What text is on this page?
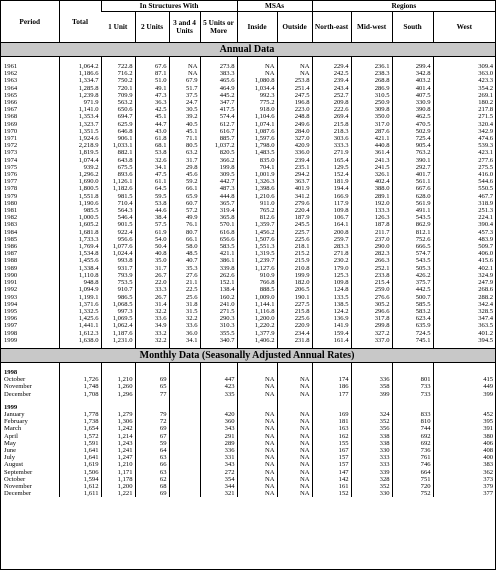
Period	Total	In Structures With				MSAs		Regions			
		1 Unit	2 Units	3 and 4 Units	5 Units or More	Inside	Outside	North-east	Mid-west	South	West
Annual Data											

1961	1,064.2	722.8	67.6	NA	273.8	NA	NA	229.4	236.1	299.4	309.4
1962	1,186.6	716.2	87.1	NA	383.3	NA	NA	242.5	238.3	342.8	363.0
1963	1,334.7	750.2	51.0	67.9	465.6	1,080.8	253.8	239.4	268.8	403.2	423.3
1964	1,285.8	720.1	49.1	51.7	464.9	1,034.4	251.4	243.4	286.9	401.4	354.2
1965	1,239.8	709.9	47.3	37.5	445.2	992.3	247.5	252.7	310.5	407.5	269.1
1966	971.9	563.2	36.3	24.7	347.7	775.2	196.8	209.8	250.9	330.9	180.2
1967	1,141.0	650.6	42.5	30.5	417.5	918.0	223.0	222.6	309.8	390.8	217.8
1968	1,353.4	694.7	45.1	39.2	574.4	1,104.6	248.8	269.4	350.0	462.5	271.5
1969	1,323.7	625.9	44.7	40.5	612.7	1,074.1	249.6	215.8	317.0	470.5	320.4
1970	1,351.5	646.8	43.0	45.1	616.7	1,087.6	284.0	218.3	287.6	502.9	342.9
1971	1,924.6	906.1	61.8	71.1	885.7	1,597.6	327.0	303.6	421.1	725.4	474.6
1972	2,218.9	1,033.1	68.1	80.5	1,037.2	1,798.0	420.9	333.3	440.8	905.4	539.3
1973	1,819.5	882.1	53.8	63.2	820.5	1,483.5	336.0	271.9	361.4	763.2	423.1
1974	1,074.4	643.8	32.6	31.7	366.2	835.0	239.4	165.4	241.3	390.1	277.6
1975	939.2	675.5	34.1	29.8	199.8	704.1	235.1	129.5	241.5	292.7	275.5
1976	1,296.2	893.6	47.5	45.6	309.5	1,001.9	294.2	152.4	326.1	401.7	416.0
1977	1,690.0	1,126.1	61.1	59.2	442.7	1,326.3	363.7	181.9	402.4	561.1	544.6
1978	1,800.5	1,182.6	64.5	66.1	487.3	1,398.6	401.9	194.4	388.0	667.6	550.5
1979	1,551.8	981.5	59.5	65.9	444.8	1,210.6	341.2	166.9	289.1	628.0	467.7
1980	1,190.6	710.4	53.8	60.7	365.7	911.0	279.6	117.9	192.0	561.9	318.9
1981	985.5	564.3	44.6	57.2	319.4	765.2	220.4	109.8	133.3	491.1	251.3
1982	1,000.5	546.4	38.4	49.9	365.8	812.6	187.9	106.7	126.3	543.5	224.1
1983	1,605.2	901.5	57.5	76.1	570.1	1,359.7	245.5	164.1	187.8	862.9	390.4
1984	1,681.8	922.4	61.9	80.7	616.8	1,456.2	225.7	200.8	211.7	812.1	457.3
1985	1,733.3	956.6	54.0	66.1	656.6	1,507.6	225.6	259.7	237.0	752.6	483.9
1986	1,769.4	1,077.6	50.4	58.0	583.5	1,551.3	218.1	283.3	290.0	666.5	509.7
1987	1,534.8	1,024.4	40.8	48.5	421.1	1,319.5	215.2	271.8	282.3	574.7	406.0
1988	1,455.6	993.8	35.0	40.7	386.1	1,239.7	215.9	230.2	266.3	543.5	415.6
1989	1,338.4	931.7	31.7	35.3	339.8	1,127.6	210.8	179.0	252.1	505.3	402.1
1990	1,110.8	793.9	26.7	27.6	262.6	910.9	199.9	125.3	233.8	426.2	324.9
1991	948.8	753.5	22.0	21.1	152.1	766.8	182.0	109.8	215.4	375.7	247.9
1992	1,094.9	910.7	33.3	22.5	138.4	888.5	206.5	124.8	259.0	442.5	268.6
1993	1,199.1	986.5	26.7	25.6	160.2	1,009.0	190.1	133.5	276.6	500.7	288.2
1994	1,371.6	1,068.5	31.4	31.8	241.0	1,144.1	227.5	138.5	305.2	585.5	342.4
1995	1,332.5	997.3	32.2	31.5	271.5	1,116.8	215.8	124.2	296.6	583.2	328.5
1996	1,425.6	1,069.5	33.6	32.2	290.3	1,200.0	225.6	136.9	317.8	623.4	347.4
1997	1,441.1	1,062.4	34.9	33.6	310.3	1,220.2	220.9	141.9	299.8	635.9	363.5
1998	1,612.3	1,187.6	33.2	36.0	355.5	1,377.9	234.4	159.4	327.2	724.5	401.2
1999	1,638.0	1,231.0	32.2	34.1	340.7	1,406.2	231.8	161.4	337.0	745.1	394.5

Monthly Data (Seasonally Adjusted Annual Rates)											

1998											
October	1,726	1,210	69		447	NA	NA	174	336	801	415
November	1,748	1,260	65		423	NA	NA	186	358	733	449
December	1,708	1,296	77		335	NA	NA	177	399	733	399

1999											
January	1,778	1,279	79		420	NA	NA	169	324	833	452
February	1,738	1,306	72		360	NA	NA	181	352	810	395
March	1,654	1,242	69		343	NA	NA	163	356	744	391
April	1,572	1,214	67		291	NA	NA	162	338	692	380
May	1,591	1,243	59		289	NA	NA	155	338	692	406
June	1,641	1,241	64		336	NA	NA	167	330	736	408
July	1,641	1,247	63		331	NA	NA	157	333	761	400
August	1,619	1,210	66		343	NA	NA	157	333	746	383
September	1,506	1,171	63		272	NA	NA	147	339	664	362
October	1,594	1,178	62		354	NA	NA	142	328	751	373
November	1,612	1,200	68		344	NA	NA	161	352	720	379
December	1,611	1,221	69		321	NA	NA	152	330	752	377
